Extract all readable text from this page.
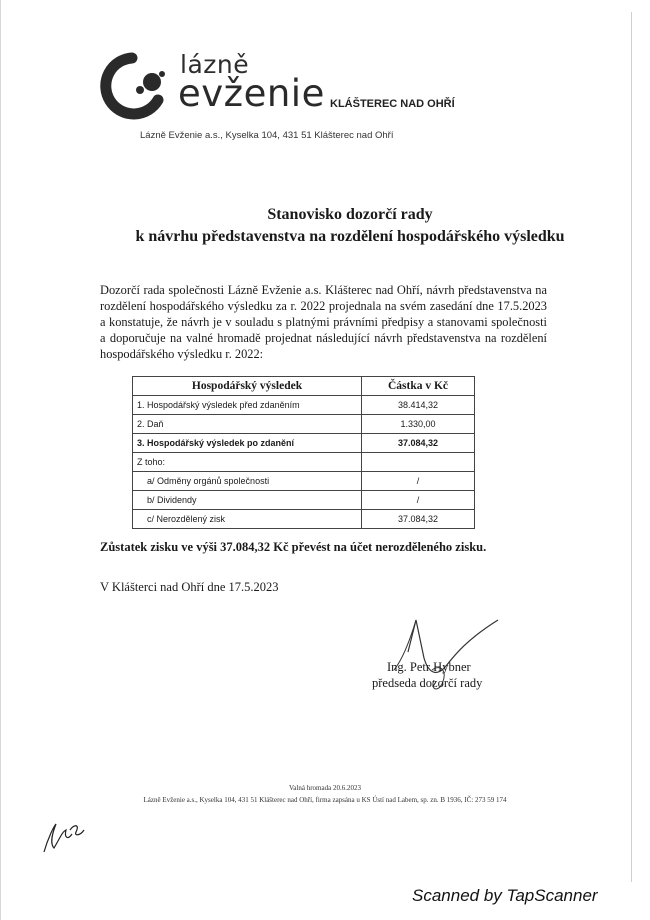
lázně
evženie KLÁŠTEREC NAD OHŘÍ
Lázně Evženie a.s., Kyselka 104, 431 51 Klášterec nad Ohří
Stanovisko dozorčí rady
k návrhu představenstva na rozdělení hospodářského výsledku
Dozorčí rada společnosti Lázně Evženie a.s. Klášterec nad Ohří, návrh představenstva na rozdělení hospodářského výsledku za r. 2022 projednala na svém zasedání dne 17.5.2023 a konstatuje, že návrh je v souladu s platnými právními předpisy a stanovami společnosti a doporučuje na valné hromadě projednat následující návrh představenstva na rozdělení hospodářského výsledku r. 2022:
Hospodářský výsledek	Částka v Kč
1. Hospodářský výsledek před zdaněním	38.414,32
2. Daň	1.330,00
3. Hospodářský výsledek po zdanění	37.084,32
Z toho:	
a/ Odměny orgánů společnosti	/
b/ Dividendy	/
c/ Nerozdělený zisk	37.084,32
Zůstatek zisku ve výši 37.084,32 Kč převést na účet nerozděleného zisku.
V Klášterci nad Ohří dne 17.5.2023
Ing. Petr Hybner
předseda dozorčí rady
Valná hromada 20.6.2023
Lázně Evženie a.s., Kyselka 104, 431 51 Klášterec nad Ohří, firma zapsána u KS Ústí nad Labem, sp. zn. B 1936, IČ: 273 59 174
Scanned by TapScanner
